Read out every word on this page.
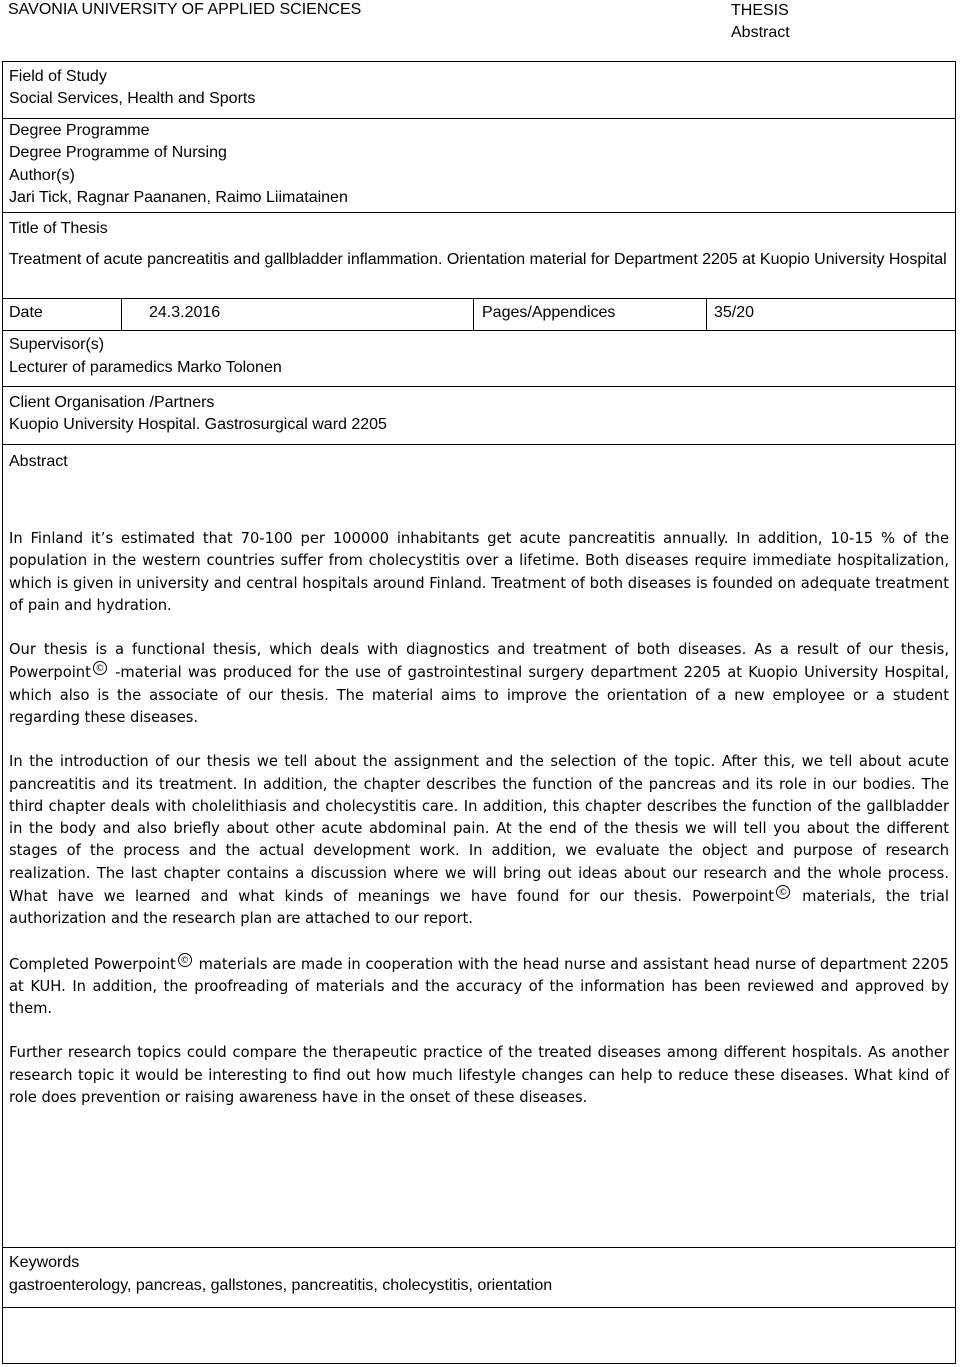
SAVONIA UNIVERSITY OF APPLIED SCIENCES	THESIS
Abstract
Field of Study
Social Services, Health and Sports
Degree Programme
Degree Programme of Nursing
Author(s)
Jari Tick, Ragnar Paananen, Raimo Liimatainen
Title of Thesis
Treatment of acute pancreatitis and gallbladder inflammation. Orientation material for Department 2205 at Kuopio University Hospital
Date	24.3.2016	Pages/Appendices	35/20
Supervisor(s)
Lecturer of paramedics Marko Tolonen
Client Organisation /Partners
Kuopio University Hospital. Gastrosurgical ward 2205
Abstract

In Finland it’s estimated that 70-100 per 100000 inhabitants get acute pancreatitis annually. In addition, 10-15 % of the population in the western countries suffer from cholecystitis over a lifetime. Both diseases require immediate hospitalization, which is given in university and central hospitals around Finland. Treatment of both diseases is founded on adequate treatment of pain and hydration.

Our thesis is a functional thesis, which deals with diagnostics and treatment of both diseases. As a result of our thesis, Powerpoint © -material was produced for the use of gastrointestinal surgery department 2205 at Kuopio University Hospital, which also is the associate of our thesis. The material aims to improve the orientation of a new employee or a student regarding these diseases.

In the introduction of our thesis we tell about the assignment and the selection of the topic. After this, we tell about acute pancreatitis and its treatment. In addition, the chapter describes the function of the pancreas and its role in our bodies. The third chapter deals with cholelithiasis and cholecystitis care. In addition, this chapter describes the function of the gallbladder in the body and also briefly about other acute abdominal pain. At the end of the thesis we will tell you about the different stages of the process and the actual development work. In addition, we evaluate the object and purpose of research realization. The last chapter contains a discussion where we will bring out ideas about our research and the whole process. What have we learned and what kinds of meanings we have found for our thesis. Powerpoint © materials, the trial authorization and the research plan are attached to our report.

Completed Powerpoint © materials are made in cooperation with the head nurse and assistant head nurse of department 2205 at KUH. In addition, the proofreading of materials and the accuracy of the information has been reviewed and approved by them.

Further research topics could compare the therapeutic practice of the treated diseases among different hospitals. As another research topic it would be interesting to find out how much lifestyle changes can help to reduce these diseases. What kind of role does prevention or raising awareness have in the onset of these diseases.

Keywords
gastroenterology, pancreas, gallstones, pancreatitis, cholecystitis, orientation
